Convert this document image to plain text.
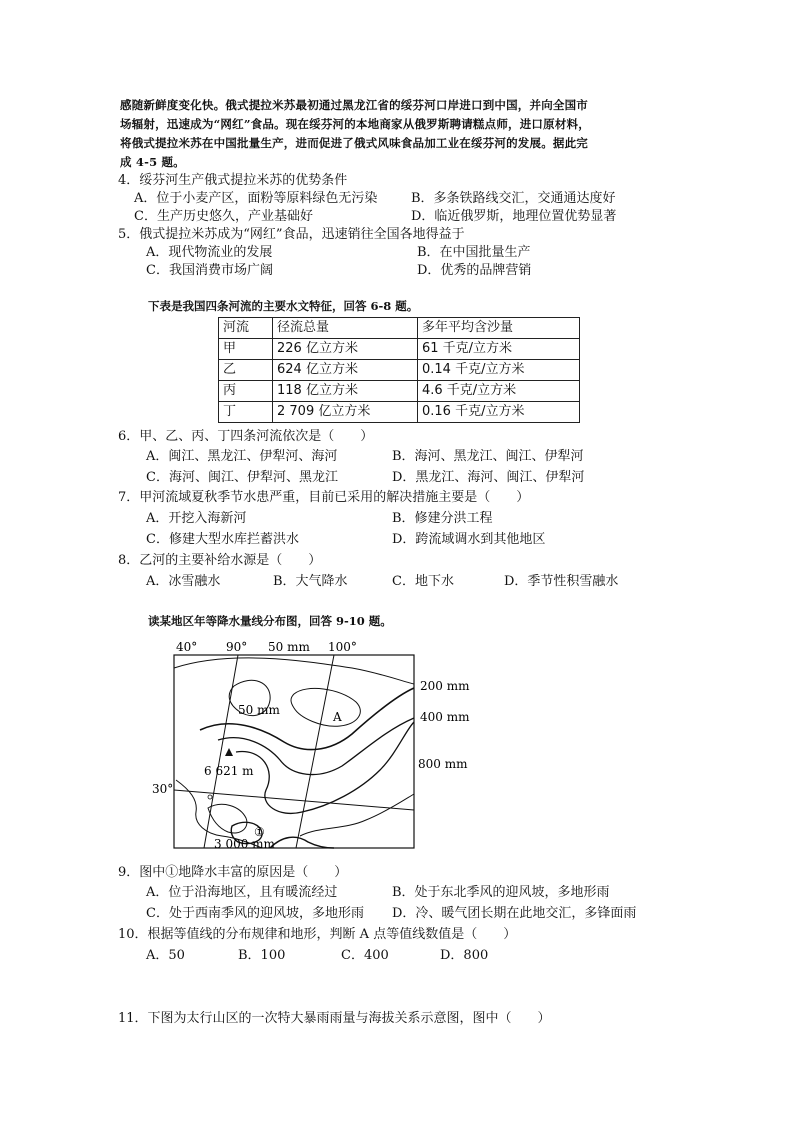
感随新鲜度变化快。俄式提拉米苏最初通过黑龙江省的绥芬河口岸进口到中国，并向全国市
场辐射，迅速成为“网红”食品。现在绥芬河的本地商家从俄罗斯聘请糕点师，进口原材料，
将俄式提拉米苏在中国批量生产，进而促进了俄式风味食品加工业在绥芬河的发展。据此完
成 4-5 题。
4．绥芬河生产俄式提拉米苏的优势条件
A．位于小麦产区，面粉等原料绿色无污染	B．多条铁路线交汇，交通通达度好
C．生产历史悠久，产业基础好	D．临近俄罗斯，地理位置优势显著
5．俄式提拉米苏成为“网红”食品，迅速销往全国各地得益于
A．现代物流业的发展	B．在中国批量生产
C．我国消费市场广阔	D．优秀的品牌营销
下表是我国四条河流的主要水文特征，回答 6-8 题。
河流	径流总量	多年平均含沙量
甲	226 亿立方米	61 千克/立方米
乙	624 亿立方米	0.14 千克/立方米
丙	118 亿立方米	4.6 千克/立方米
丁	2 709 亿立方米	0.16 千克/立方米
6．甲、乙、丙、丁四条河流依次是（　　）
A．闽江、黑龙江、伊犁河、海河	B．海河、黑龙江、闽江、伊犁河
C．海河、闽江、伊犁河、黑龙江	D．黑龙江、海河、闽江、伊犁河
7．甲河流域夏秋季节水患严重，目前已采用的解决措施主要是（　　）
A．开挖入海新河	B．修建分洪工程
C．修建大型水库拦蓄洪水	D．跨流域调水到其他地区
8．乙河的主要补给水源是（　　）
A．冰雪融水	B．大气降水	C．地下水	D．季节性积雪融水
读某地区年等降水量线分布图，回答 9-10 题。
40° 90° 50 mm 100°
200 mm
400 mm
800 mm
50 mm	A
6 621 m
30°
①
3 000 mm
9．图中①地降水丰富的原因是（　　）
A．位于沿海地区，且有暖流经过	B．处于东北季风的迎风坡，多地形雨
C．处于西南季风的迎风坡，多地形雨 D．冷、暖气团长期在此地交汇，多锋面雨
10．根据等值线的分布规律和地形，判断 A 点等值线数值是（　　）
A．50	B．100	C．400	D．800
11．下图为太行山区的一次特大暴雨雨量与海拔关系示意图，图中（　　）
